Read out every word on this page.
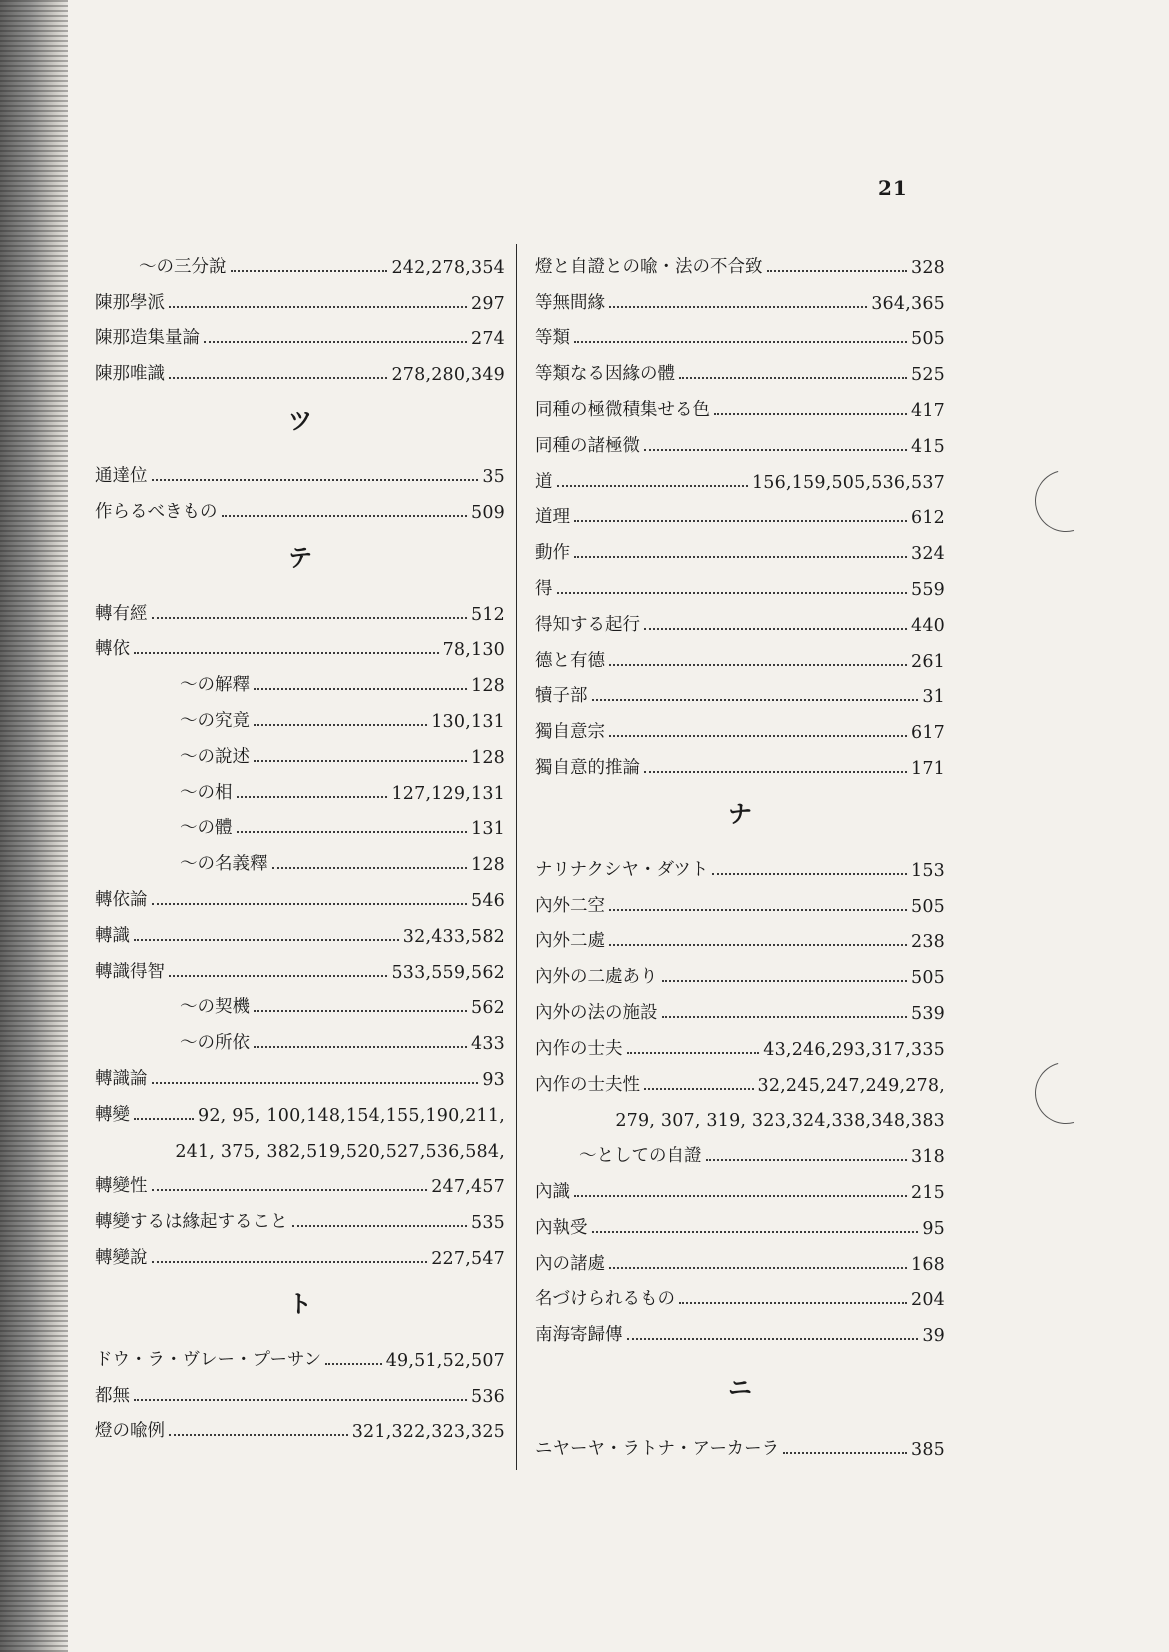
21
～の三分說	242,278,354
陳那學派	297
陳那造集量論	274
陳那唯識	278,280,349
ツ
通達位	35
作らるべきもの	509
テ
轉有經	512
轉依	78,130
～の解釋	128
～の究竟	130,131
～の說述	128
～の相	127,129,131
～の體	131
～の名義釋	128
轉依論	546
轉識	32,433,582
轉識得智	533,559,562
～の契機	562
～の所依	433
轉識論	93
轉變	92, 95, 100,148,154,155,190,211,
241, 375, 382,519,520,527,536,584,
轉變性	247,457
轉變するは緣起すること	535
轉變說	227,547
ト
ドウ・ラ・ヴレー・プーサン	49,51,52,507
都無	536
燈の喩例	321,322,323,325
燈と自證との喩・法の不合致	328
等無間緣	364,365
等類	505
等類なる因緣の體	525
同種の極微積集せる色	417
同種の諸極微	415
道	156,159,505,536,537
道理	612
動作	324
得	559
得知する起行	440
德と有德	261
犢子部	31
獨自意宗	617
獨自意的推論	171
ナ
ナリナクシヤ・ダツト	153
內外二空	505
內外二處	238
內外の二處あり	505
內外の法の施設	539
內作の士夫	43,246,293,317,335
內作の士夫性	32,245,247,249,278,
279, 307, 319, 323,324,338,348,383
～としての自證	318
內識	215
內執受	95
內の諸處	168
名づけられるもの	204
南海寄歸傳	39
ニ
ニヤーヤ・ラトナ・アーカーラ	385
